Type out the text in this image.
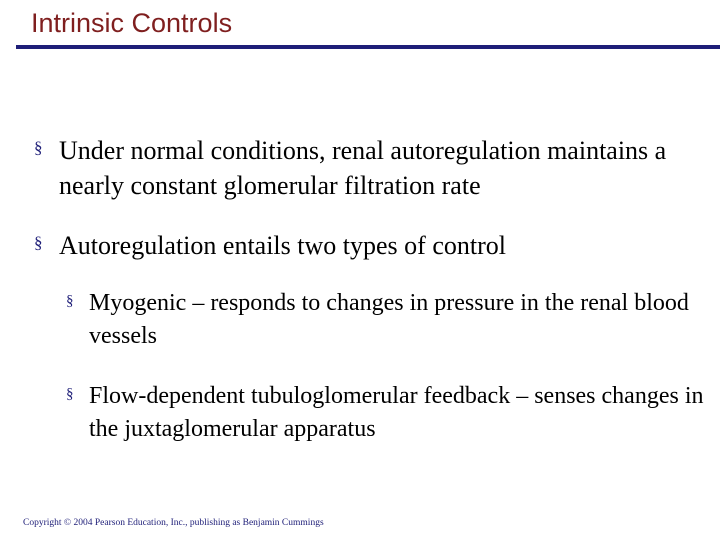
Intrinsic Controls
§ Under normal conditions, renal autoregulation maintains a nearly constant glomerular filtration rate
§ Autoregulation entails two types of control
§ Myogenic – responds to changes in pressure in the renal blood vessels
§ Flow-dependent tubuloglomerular feedback – senses changes in the juxtaglomerular apparatus
Copyright © 2004 Pearson Education, Inc., publishing as Benjamin Cummings
